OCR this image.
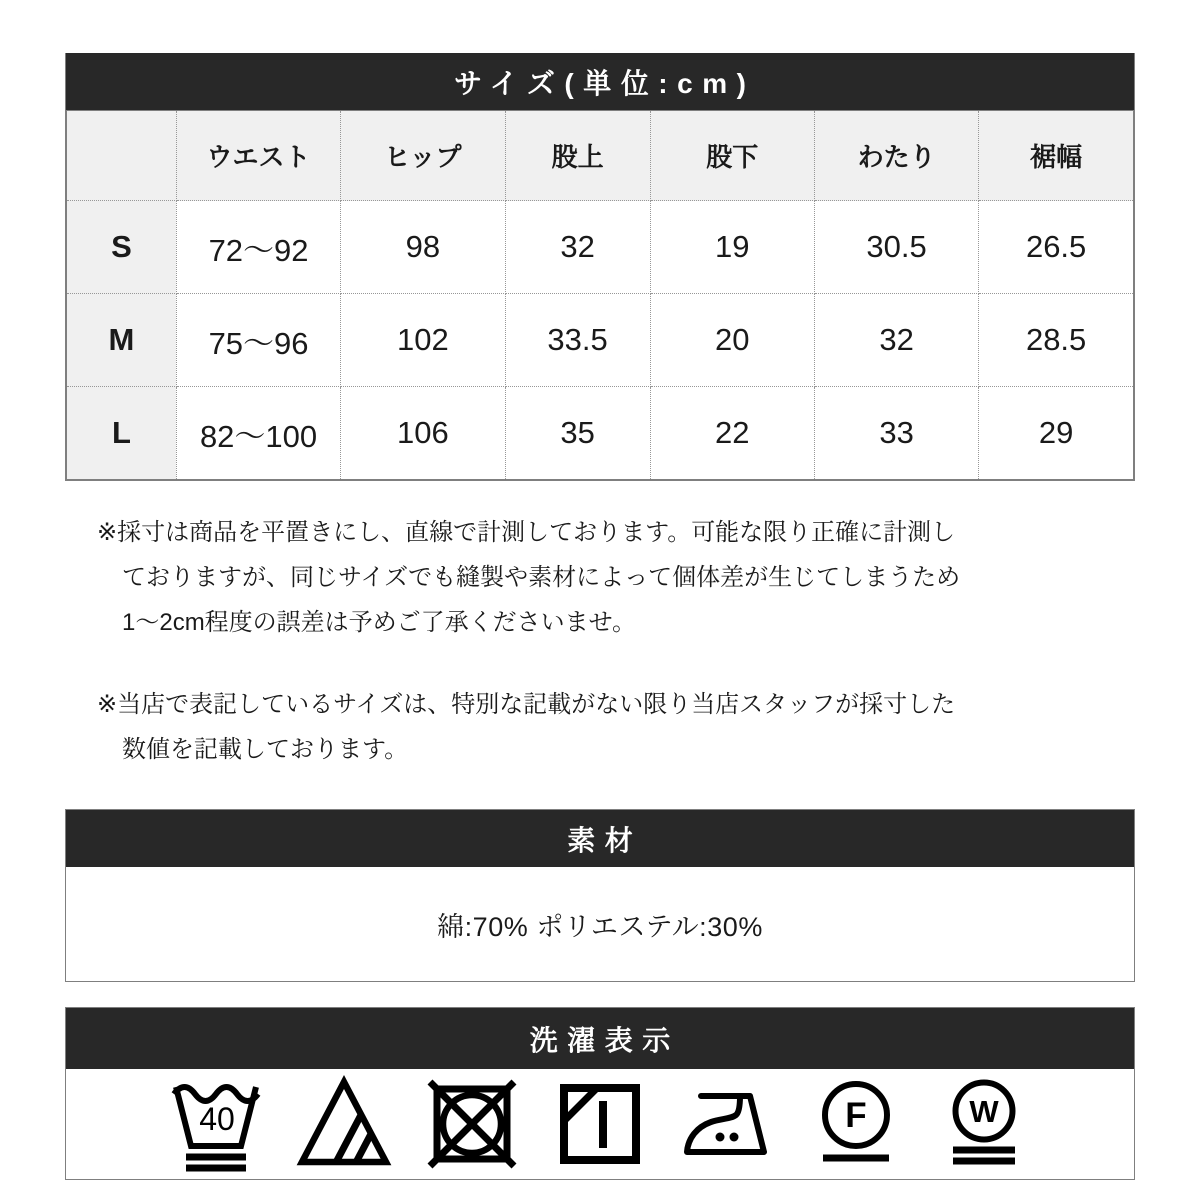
サイズ(単位:cm)
	ウエスト	ヒップ	股上	股下	わたり	裾幅
S	72〜92	98	32	19	30.5	26.5
M	75〜96	102	33.5	20	32	28.5
L	82〜100	106	35	22	33	29
※採寸は商品を平置きにし、直線で計測しております。可能な限り正確に計測し
ておりますが、同じサイズでも縫製や素材によって個体差が生じてしまうため
1〜2cm程度の誤差は予めご了承くださいませ。
※当店で表記しているサイズは、特別な記載がない限り当店スタッフが採寸した
数値を記載しております。
素材
綿:70% ポリエステル:30%
洗濯表示
40	F	W
